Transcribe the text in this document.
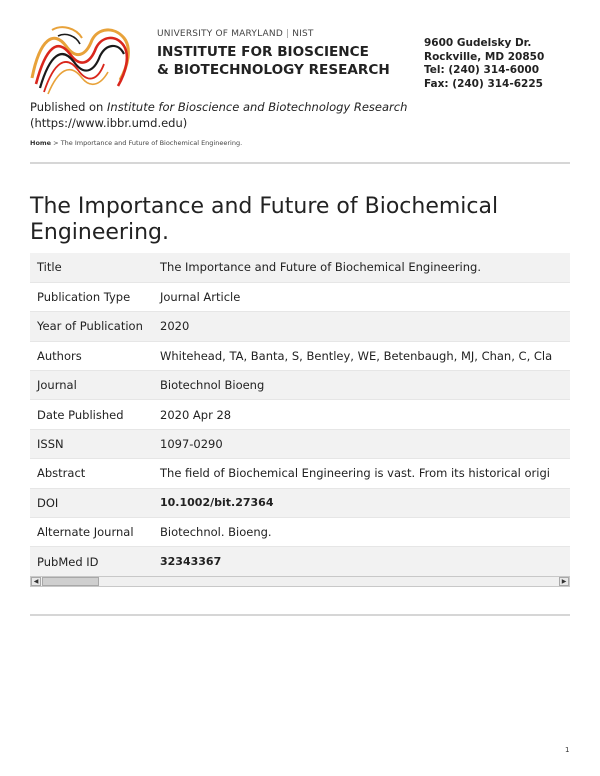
UNIVERSITY OF MARYLAND | NIST
INSTITUTE FOR BIOSCIENCE
& BIOTECHNOLOGY RESEARCH
9600 Gudelsky Dr.
Rockville, MD 20850
Tel: (240) 314-6000
Fax: (240) 314-6225
Published on Institute for Bioscience and Biotechnology Research
(https://www.ibbr.umd.edu)
Home > The Importance and Future of Biochemical Engineering.
The Importance and Future of Biochemical Engineering.
Title	The Importance and Future of Biochemical Engineering.
Publication Type	Journal Article
Year of Publication	2020
Authors	Whitehead, TA, Banta, S, Bentley, WE, Betenbaugh, MJ, Chan, C, Cla
Journal	Biotechnol Bioeng
Date Published	2020 Apr 28
ISSN	1097-0290
Abstract	The field of Biochemical Engineering is vast. From its historical origi
DOI	10.1002/bit.27364
Alternate Journal	Biotechnol. Bioeng.
PubMed ID	32343367
◀	▶
1
